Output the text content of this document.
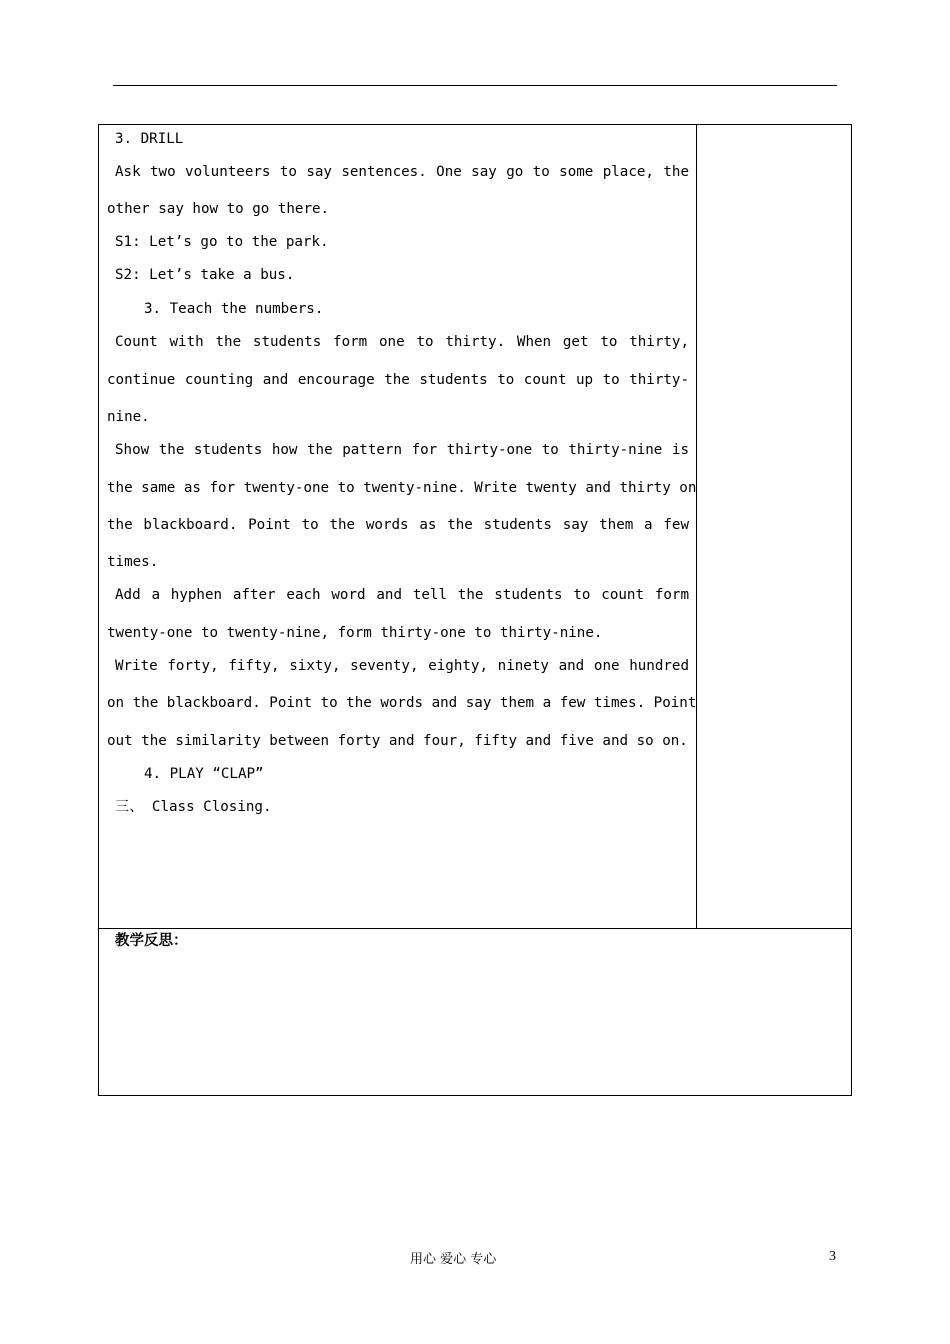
3. DRILL
Ask two volunteers to say sentences. One say go to some place, the
other say how to go there.
S1: Let’s go to the park.
S2: Let’s take a bus.
3. Teach the numbers.
Count with the students form one to thirty. When get to thirty,
continue counting and encourage the students to count up to thirty-
nine.
Show the students how the pattern for thirty-one to thirty-nine is
the same as for twenty-one to twenty-nine. Write twenty and thirty on
the blackboard. Point to the words as the students say them a few
times.
Add a hyphen after each word and tell the students to count form
twenty-one to twenty-nine, form thirty-one to thirty-nine.
Write forty, fifty, sixty, seventy, eighty, ninety and one hundred
on the blackboard. Point to the words and say them a few times. Point
out the similarity between forty and four, fifty and five and so on.
4. PLAY “CLAP”
三、 Class Closing.
教学反思：
用心 爱心 专心	3
